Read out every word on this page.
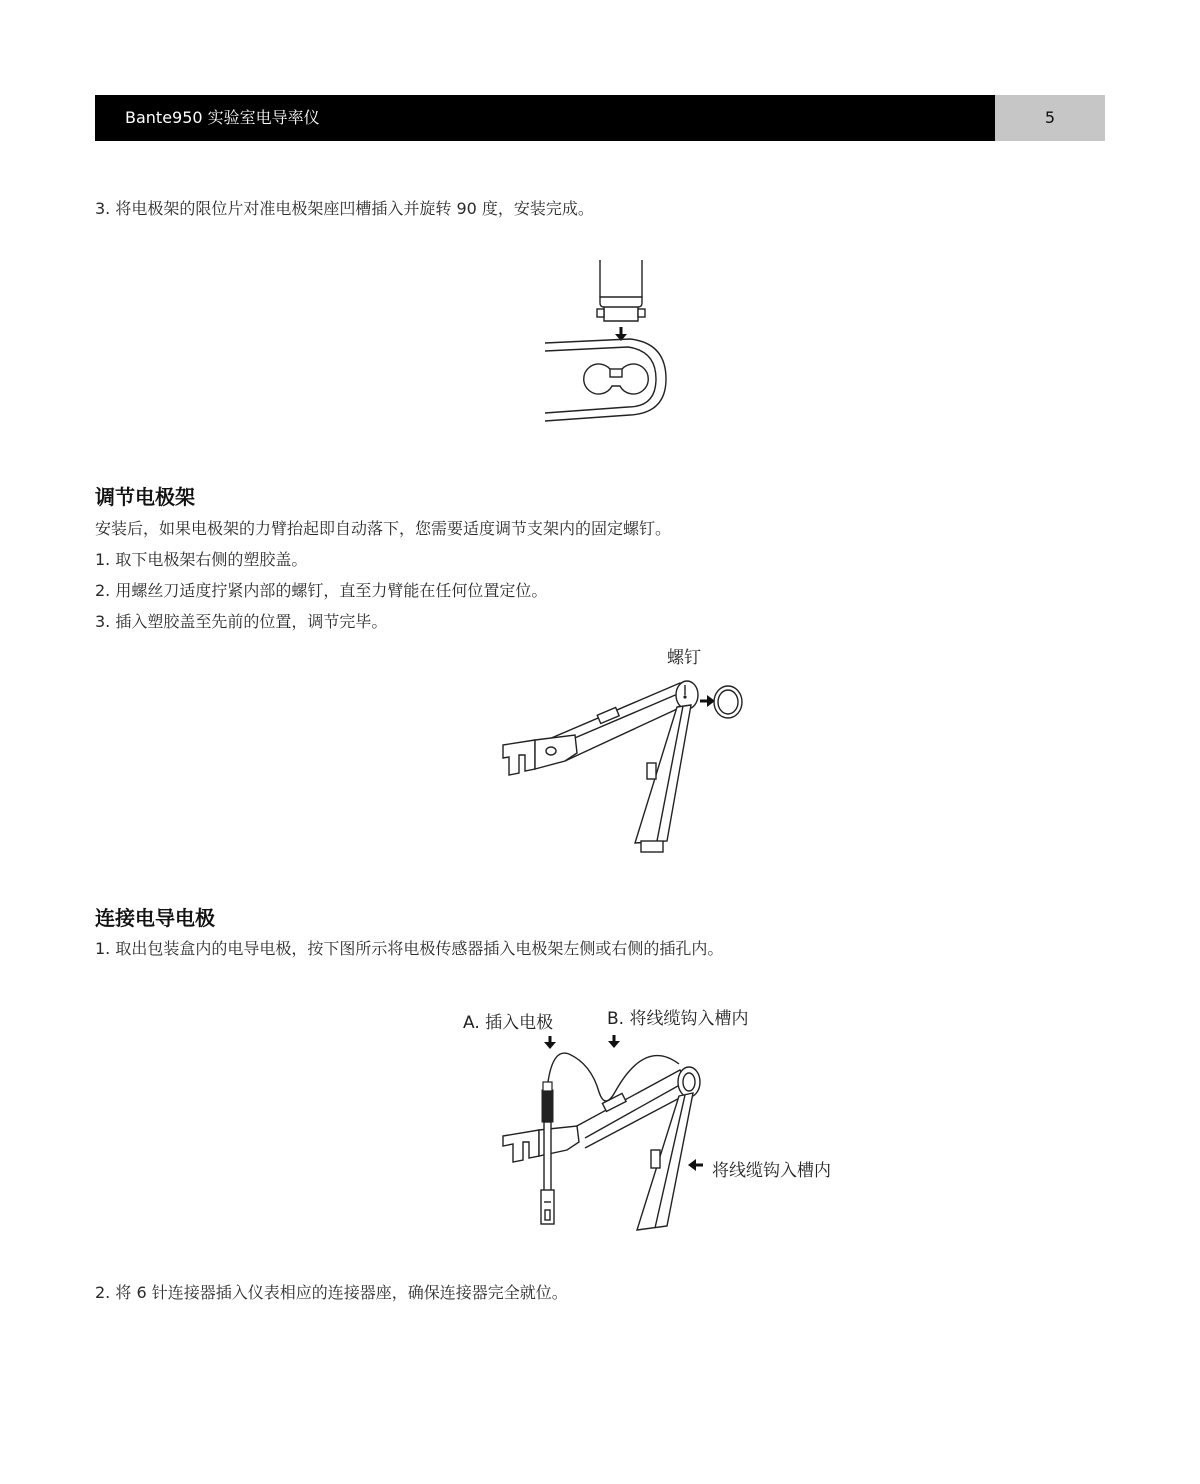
Bante950 实验室电导率仪	5
3. 将电极架的限位片对准电极架座凹槽插入并旋转 90 度，安装完成。
调节电极架
安装后，如果电极架的力臂抬起即自动落下，您需要适度调节支架内的固定螺钉。
1. 取下电极架右侧的塑胶盖。
2. 用螺丝刀适度拧紧内部的螺钉，直至力臂能在任何位置定位。
3. 插入塑胶盖至先前的位置，调节完毕。
螺钉
连接电导电极
1. 取出包装盒内的电导电极，按下图所示将电极传感器插入电极架左侧或右侧的插孔内。
A. 插入电极	B. 将线缆钩入槽内
将线缆钩入槽内
2. 将 6 针连接器插入仪表相应的连接器座，确保连接器完全就位。
